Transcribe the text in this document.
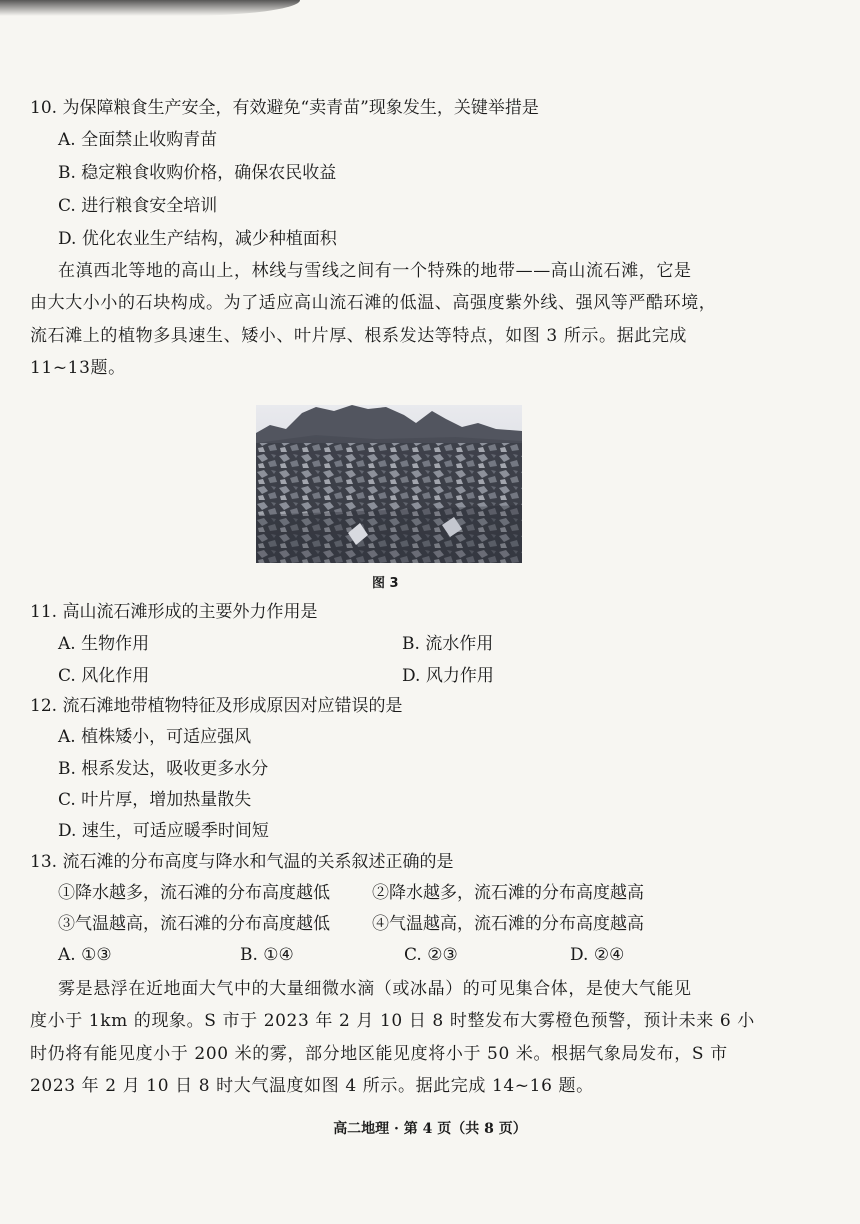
10. 为保障粮食生产安全，有效避免“卖青苗”现象发生，关键举措是
A. 全面禁止收购青苗
B. 稳定粮食收购价格，确保农民收益
C. 进行粮食安全培训
D. 优化农业生产结构，减少种植面积
在滇西北等地的高山上，林线与雪线之间有一个特殊的地带——高山流石滩，它是
由大大小小的石块构成。为了适应高山流石滩的低温、高强度紫外线、强风等严酷环境，
流石滩上的植物多具速生、矮小、叶片厚、根系发达等特点，如图 3 所示。据此完成
11~13题。
图 3
11. 高山流石滩形成的主要外力作用是
A. 生物作用	B. 流水作用
C. 风化作用	D. 风力作用
12. 流石滩地带植物特征及形成原因对应错误的是
A. 植株矮小，可适应强风
B. 根系发达，吸收更多水分
C. 叶片厚，增加热量散失
D. 速生，可适应暖季时间短
13. 流石滩的分布高度与降水和气温的关系叙述正确的是
①降水越多，流石滩的分布高度越低 ②降水越多，流石滩的分布高度越高
③气温越高，流石滩的分布高度越低 ④气温越高，流石滩的分布高度越高
A. ①③	B. ①④	C. ②③	D. ②④
雾是悬浮在近地面大气中的大量细微水滴（或冰晶）的可见集合体，是使大气能见
度小于 1km 的现象。S 市于 2023 年 2 月 10 日 8 时整发布大雾橙色预警，预计未来 6 小
时仍将有能见度小于 200 米的雾，部分地区能见度将小于 50 米。根据气象局发布，S 市
2023 年 2 月 10 日 8 时大气温度如图 4 所示。据此完成 14~16 题。
高二地理 · 第 4 页（共 8 页）
